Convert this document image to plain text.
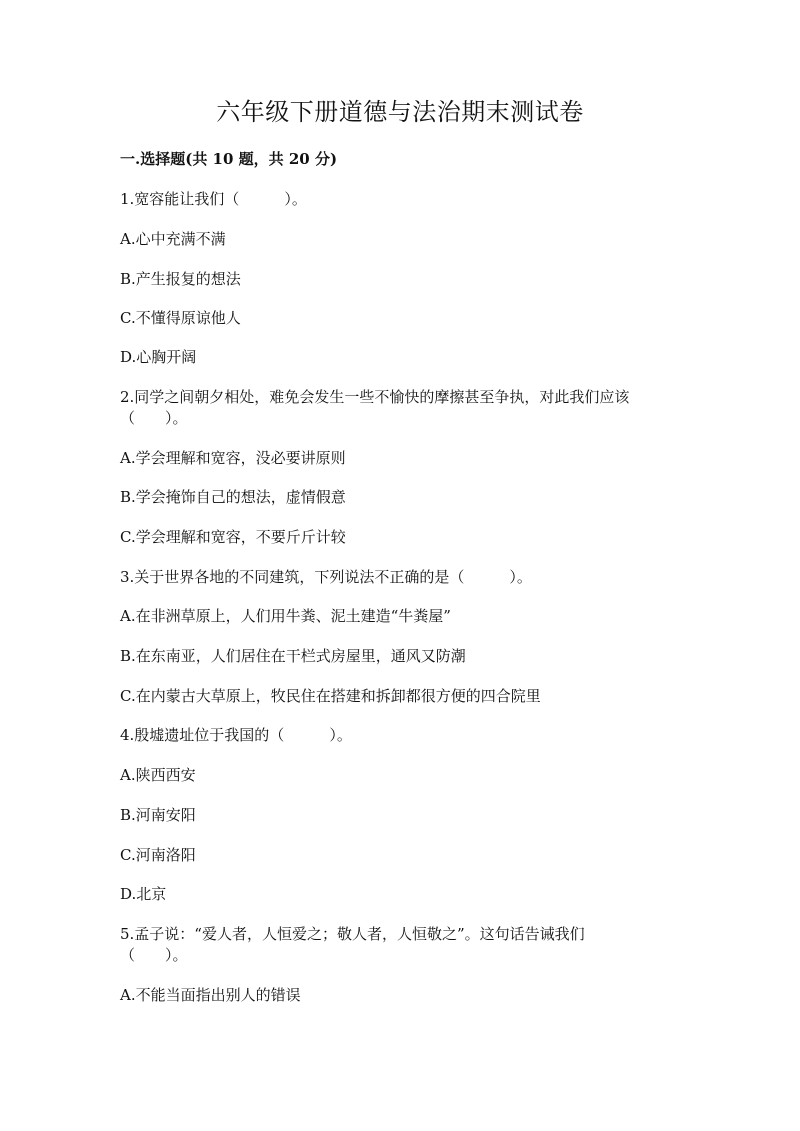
六年级下册道德与法治期末测试卷
一.选择题(共 10 题，共 20 分)
1.宽容能让我们（　　　）。
A.心中充满不满
B.产生报复的想法
C.不懂得原谅他人
D.心胸开阔
2.同学之间朝夕相处，难免会发生一些不愉快的摩擦甚至争执，对此我们应该
（　　）。
A.学会理解和宽容，没必要讲原则
B.学会掩饰自己的想法，虚情假意
C.学会理解和宽容，不要斤斤计较
3.关于世界各地的不同建筑，下列说法不正确的是（　　　）。
A.在非洲草原上，人们用牛粪、泥土建造“牛粪屋”
B.在东南亚，人们居住在干栏式房屋里，通风又防潮
C.在内蒙古大草原上，牧民住在搭建和拆卸都很方便的四合院里
4.殷墟遗址位于我国的（　　　）。
A.陕西西安
B.河南安阳
C.河南洛阳
D.北京
5.孟子说：“爱人者，人恒爱之；敬人者，人恒敬之”。这句话告诫我们
（　　）。
A.不能当面指出别人的错误
